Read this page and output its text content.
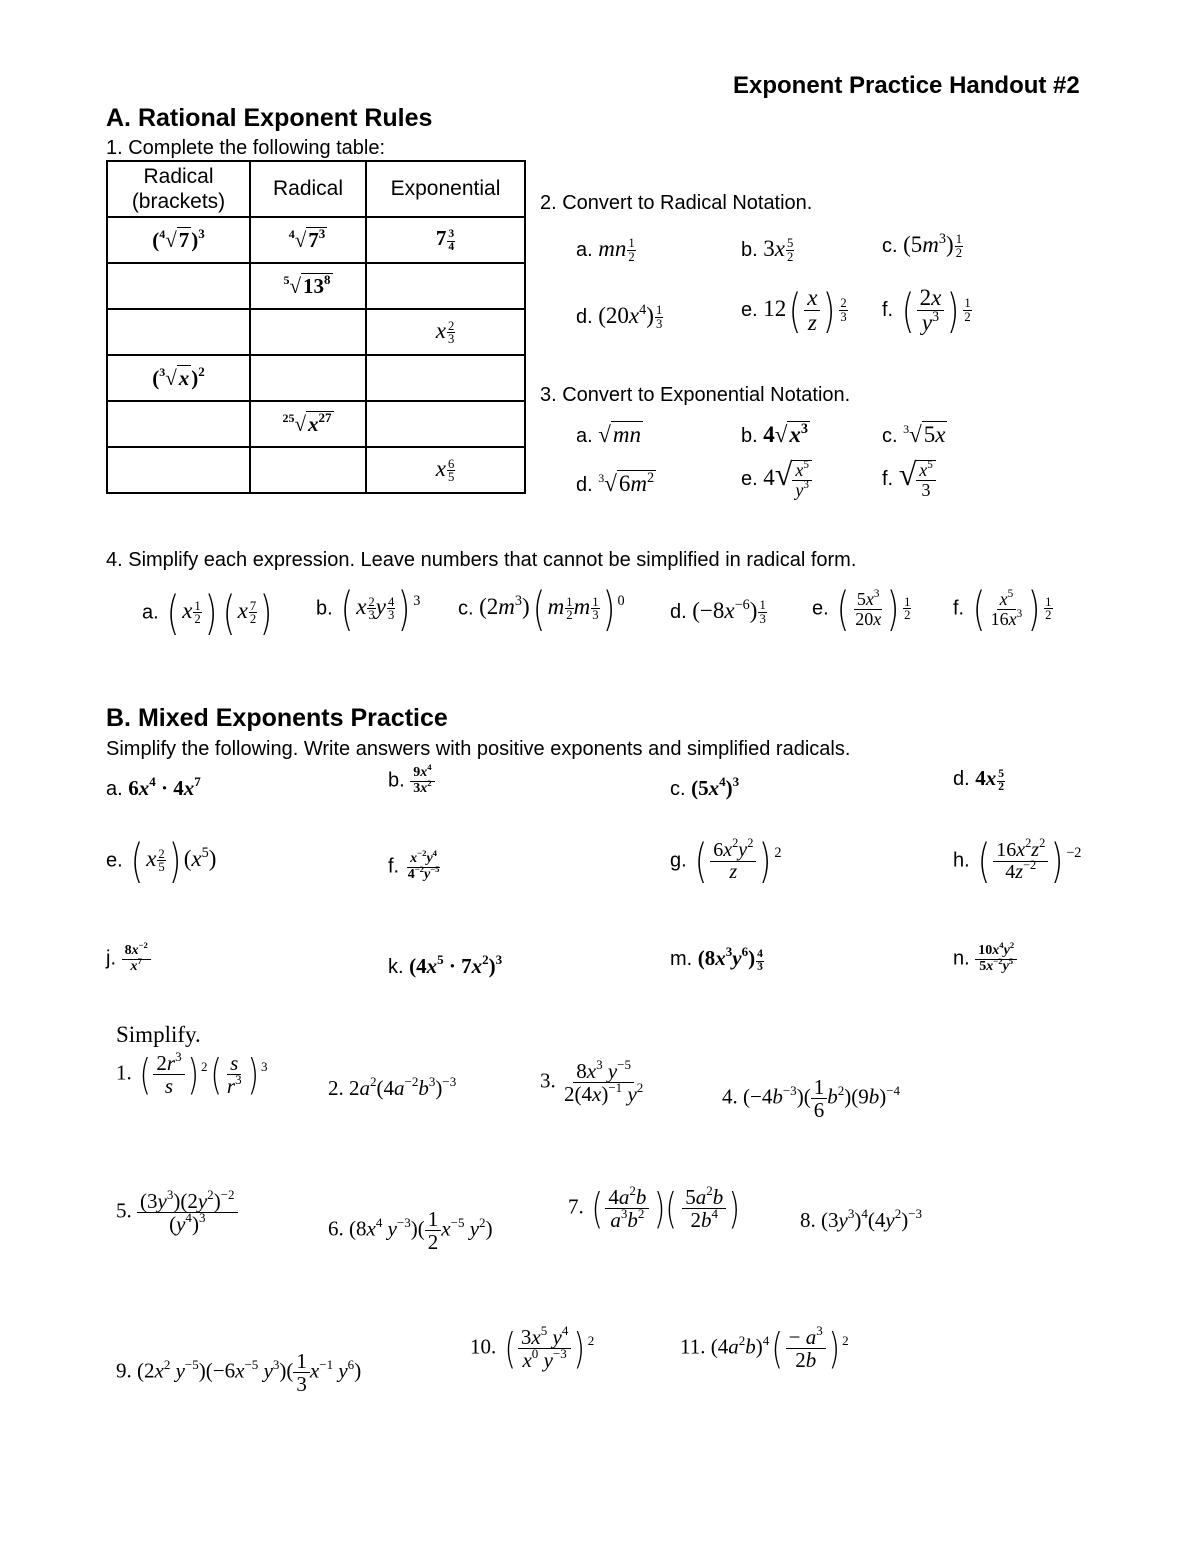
Exponent Practice Handout #2
A. Rational Exponent Rules
1. Complete the following table:
Radical (brackets)	Radical	Exponential
$(^4√7)^3$	$^4√7^3$	$7 \frac{3}{4}$

	$^5√13^8$	
		x $\frac{2}{3}$

$(^3√x)^2$		
	$^{25}√x^{27}$	
		x $\frac{6}{5}$
2. Convert to Radical Notation.
a. mn $\frac{1}{2}$	b. $3x \frac{5}{2}$	c. $(5m^3) \frac{1}{2}$
d. $(20x^4) \frac{1}{3}$	e. $12( \frac{x}{z}$ ) $\frac{2}{3} f$. ( $\frac{2x}{y^3}$ ) $\frac{1}{2}$
3. Convert to Exponential Notation.
a. √mn	b. $4√x^3$	c. $^3$√5x
d. $^3√6m^2$	e. $4√ \frac{x^5}{y^3}$	f. √ $\frac{x^5}{3}$
4. Simplify each expression. Leave numbers that cannot be simplified in radical form.
a. ( x $\frac{1}{2}$ ) ( x $\frac{7}{2}$ ) b. ( x $\frac{2}{3}$ y $\frac{4}{3}$ ) $^3$ c. $(2m^3)$( m $\frac{1}{2}$ m $\frac{1}{3}$ ) $^0$
d. $(-8x^{-6}) \frac{1}{3} e$. ( $\frac{5x^3}{20x}$ ) $\frac{1}{2} f$. ( $\frac{x^5}{16x^3}$ ) $\frac{1}{2}$
B. Mixed Exponents Practice
Simplify the following. Write answers with positive exponents and simplified radicals.
a. $6x^4 \cdot 4x^7$	b. $\frac{9x^4}{3x^2}$	c. $(5x^4)^3$	d. $4x \frac{5}{2}$
e. ( x $\frac{2}{5}$ ) $(x^5)$	f. $\frac{x^{-2}y^4}{4^{-2}y^{-5}}$	g. ( $\frac{6x^2y^2}{z}$ ) $^2$	h. ( $\frac{16x^2z^2}{4z^{-2}}$ ) $^{-2}$
j. $\frac{8x^{-2}}{x^7}$	k. $(4x^5 \cdot 7x^2)^3$	m. $(8x^3y^6) \frac{4}{3}$	n. $\frac{10x^4y^2}{5x^{-2}y^5}$
Simplify.
1. ( $\frac{2r^3}{s}$ ) $^2( \frac{s}{r^3}$ ) $^3$
2. $2a^2(4a^{-2}b^3)^{-3}$	3. $\frac{8x^3 y^{-5}}{2(4x)^{-1} y^2}$	4. $(-4b^{-3})( \frac{1}{6} b^2)(9b)^{-4}$
5. $\frac{(3y^3)(2y^2)^{-2}}{(y^4)^3}$	6. ($8x^4$ $y^{-3})( \frac{1}{2} x^{-5}$ $y^2$)
7. ( $\frac{4a^2b}{a^3b^2}$ )( $\frac{5a^2b}{2b^4}$ )	8. $(3y^3)^4(4y^2)^{-3}$
9. ($2x^2$ $y^{-5})(-6x^{-5}$ $y^3)( \frac{1}{3} x^{-1}$ $y^6$)
10. ( $\frac{3x^5 y^4}{x^0 y^{-3}}$ ) $^2$	11. $(4a^2b)^4( \frac{- a^3}{2b}$ ) $^2$
